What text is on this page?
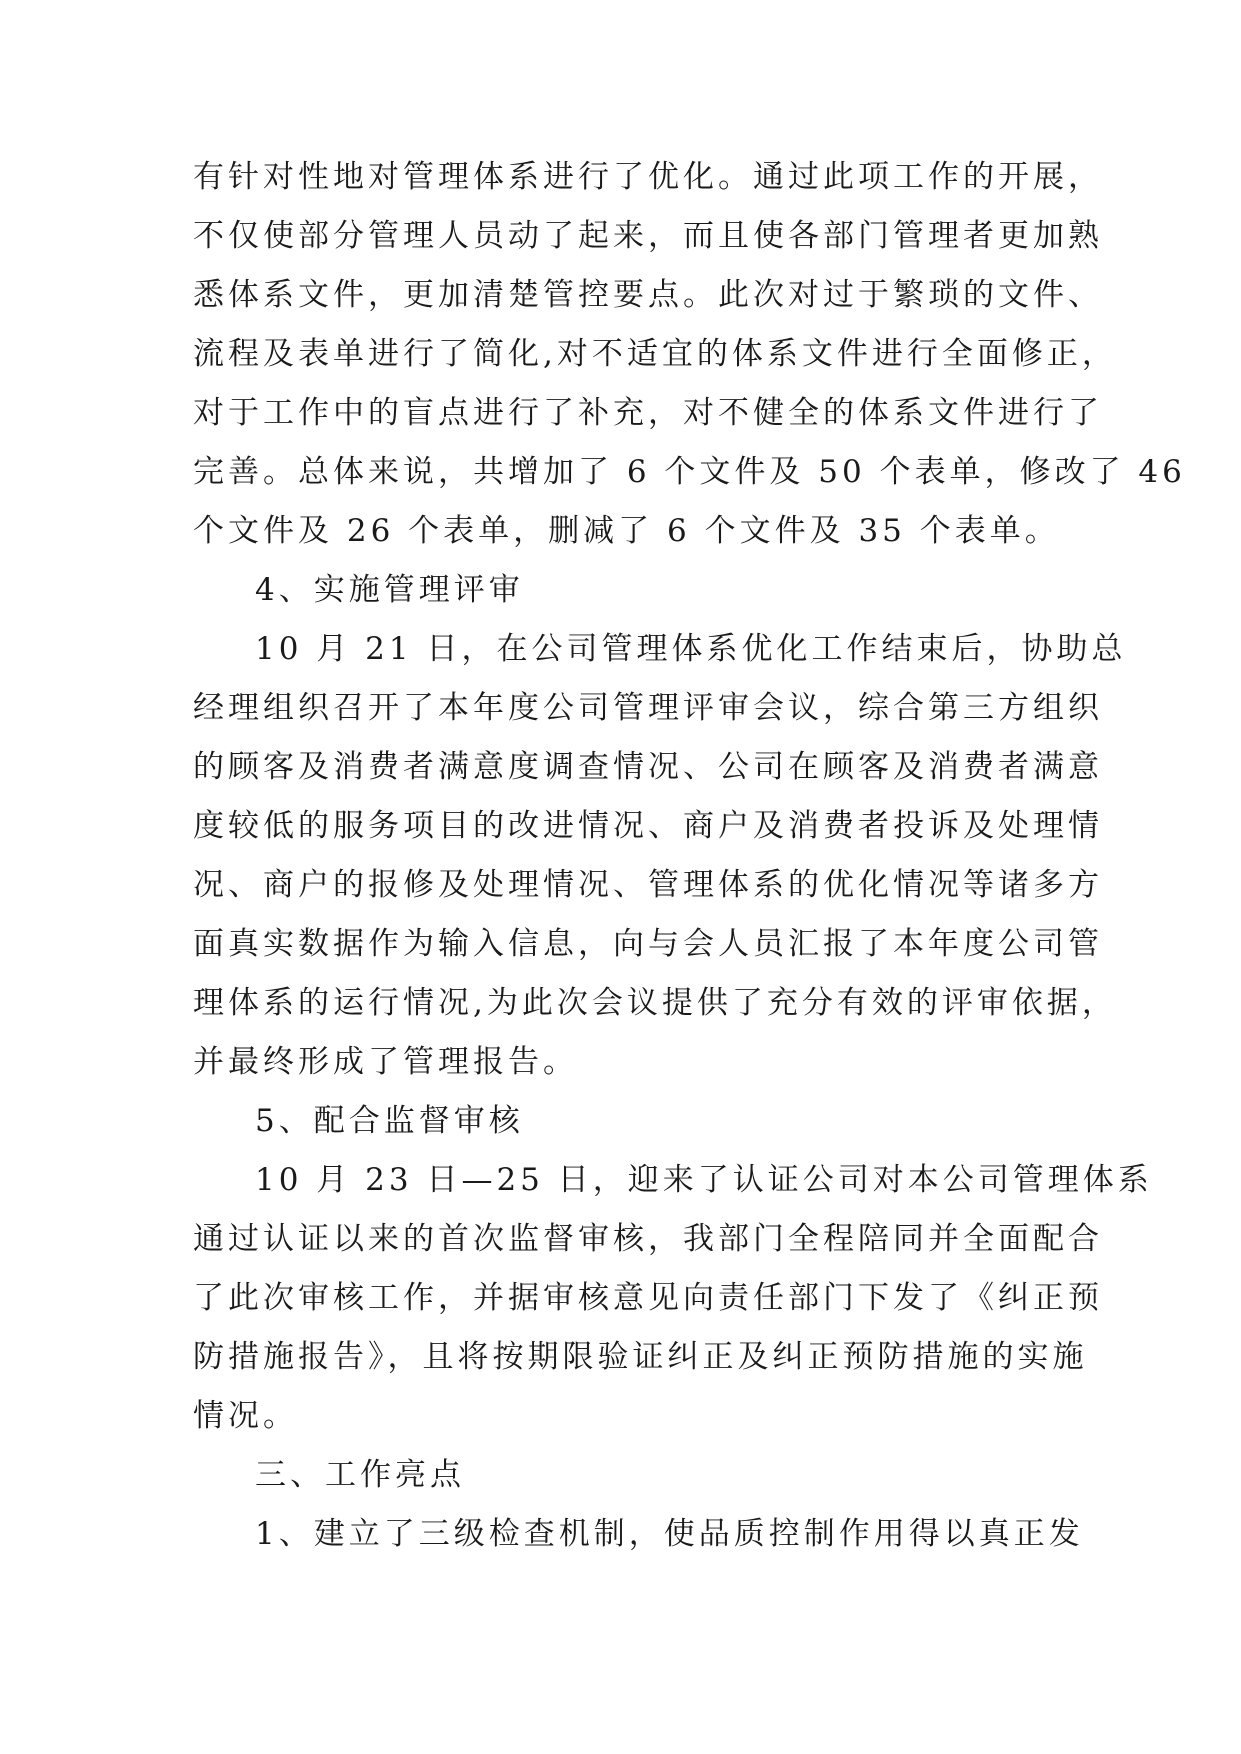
有针对性地对管理体系进行了优化。通过此项工作的开展，
不仅使部分管理人员动了起来，而且使各部门管理者更加熟
悉体系文件，更加清楚管控要点。此次对过于繁琐的文件、
流程及表单进行了简化,对不适宜的体系文件进行全面修正，
对于工作中的盲点进行了补充，对不健全的体系文件进行了
完善。总体来说，共增加了 6 个文件及 50 个表单，修改了 46
个文件及 26 个表单，删减了 6 个文件及 35 个表单。
4、实施管理评审
10 月 21 日，在公司管理体系优化工作结束后，协助总
经理组织召开了本年度公司管理评审会议，综合第三方组织
的顾客及消费者满意度调查情况、公司在顾客及消费者满意
度较低的服务项目的改进情况、商户及消费者投诉及处理情
况、商户的报修及处理情况、管理体系的优化情况等诸多方
面真实数据作为输入信息，向与会人员汇报了本年度公司管
理体系的运行情况,为此次会议提供了充分有效的评审依据，
并最终形成了管理报告。
5、配合监督审核
10 月 23 日—25 日，迎来了认证公司对本公司管理体系
通过认证以来的首次监督审核，我部门全程陪同并全面配合
了此次审核工作，并据审核意见向责任部门下发了《纠正预
防措施报告》，且将按期限验证纠正及纠正预防措施的实施
情况。
三、工作亮点
1、建立了三级检查机制，使品质控制作用得以真正发
